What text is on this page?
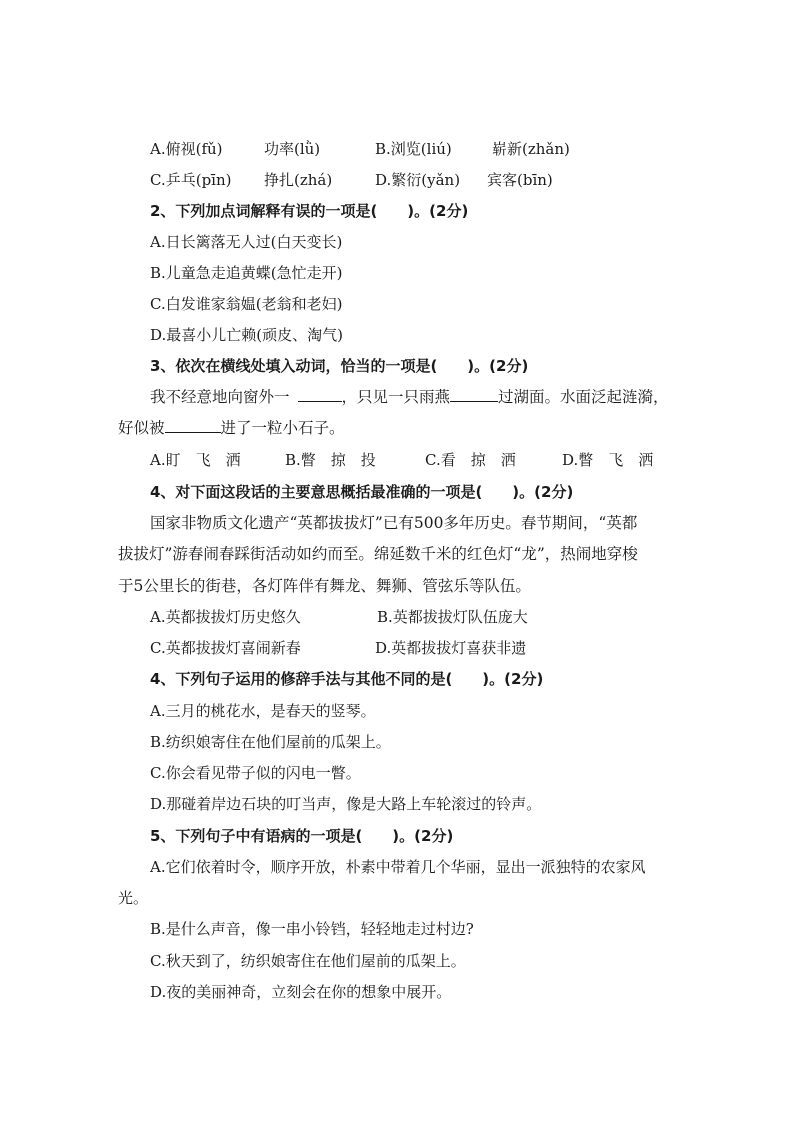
A.俯视(fǔ)	功率(lǜ)	B.浏览(liú)	崭新(zhǎn)
C.乒乓(pīn) 挣扎(zhá)	D.繁衍(yǎn) 宾客(bīn)
2、下列加点词解释有误的一项是(　　)。(2分)
A.日长篱落无人过(白天变长)
B.儿童急走追黄蝶(急忙走开)
C.白发谁家翁媪(老翁和老妇)
D.最喜小儿亡赖(顽皮、淘气)
3、依次在横线处填入动词，恰当的一项是(　　)。(2分)
我不经意地向窗外一	，只见一只雨燕	过湖面。水面泛起涟漪，
好似被	进了一粒小石子。
A.盯　飞　洒	B.瞥　掠　投	C.看　掠　洒	D.瞥　飞　洒
4、对下面这段话的主要意思概括最准确的一项是(　　)。(2分)
国家非物质文化遗产“英都拔拔灯”已有500多年历史。春节期间，“英都
拔拔灯”游春闹春踩街活动如约而至。绵延数千米的红色灯“龙”，热闹地穿梭
于5公里长的街巷，各灯阵伴有舞龙、舞狮、管弦乐等队伍。
A.英都拔拔灯历史悠久	B.英都拔拔灯队伍庞大
C.英都拔拔灯喜闹新春	D.英都拔拔灯喜获非遗
4、下列句子运用的修辞手法与其他不同的是(　　)。(2分)
A.三月的桃花水，是春天的竖琴。
B.纺织娘寄住在他们屋前的瓜架上。
C.你会看见带子似的闪电一瞥。
D.那碰着岸边石块的叮当声，像是大路上车轮滚过的铃声。
5、下列句子中有语病的一项是(　　)。(2分)
A.它们依着时令，顺序开放，朴素中带着几个华丽，显出一派独特的农家风
光。
B.是什么声音，像一串小铃铛，轻轻地走过村边?
C.秋天到了，纺织娘寄住在他们屋前的瓜架上。
D.夜的美丽神奇，立刻会在你的想象中展开。
